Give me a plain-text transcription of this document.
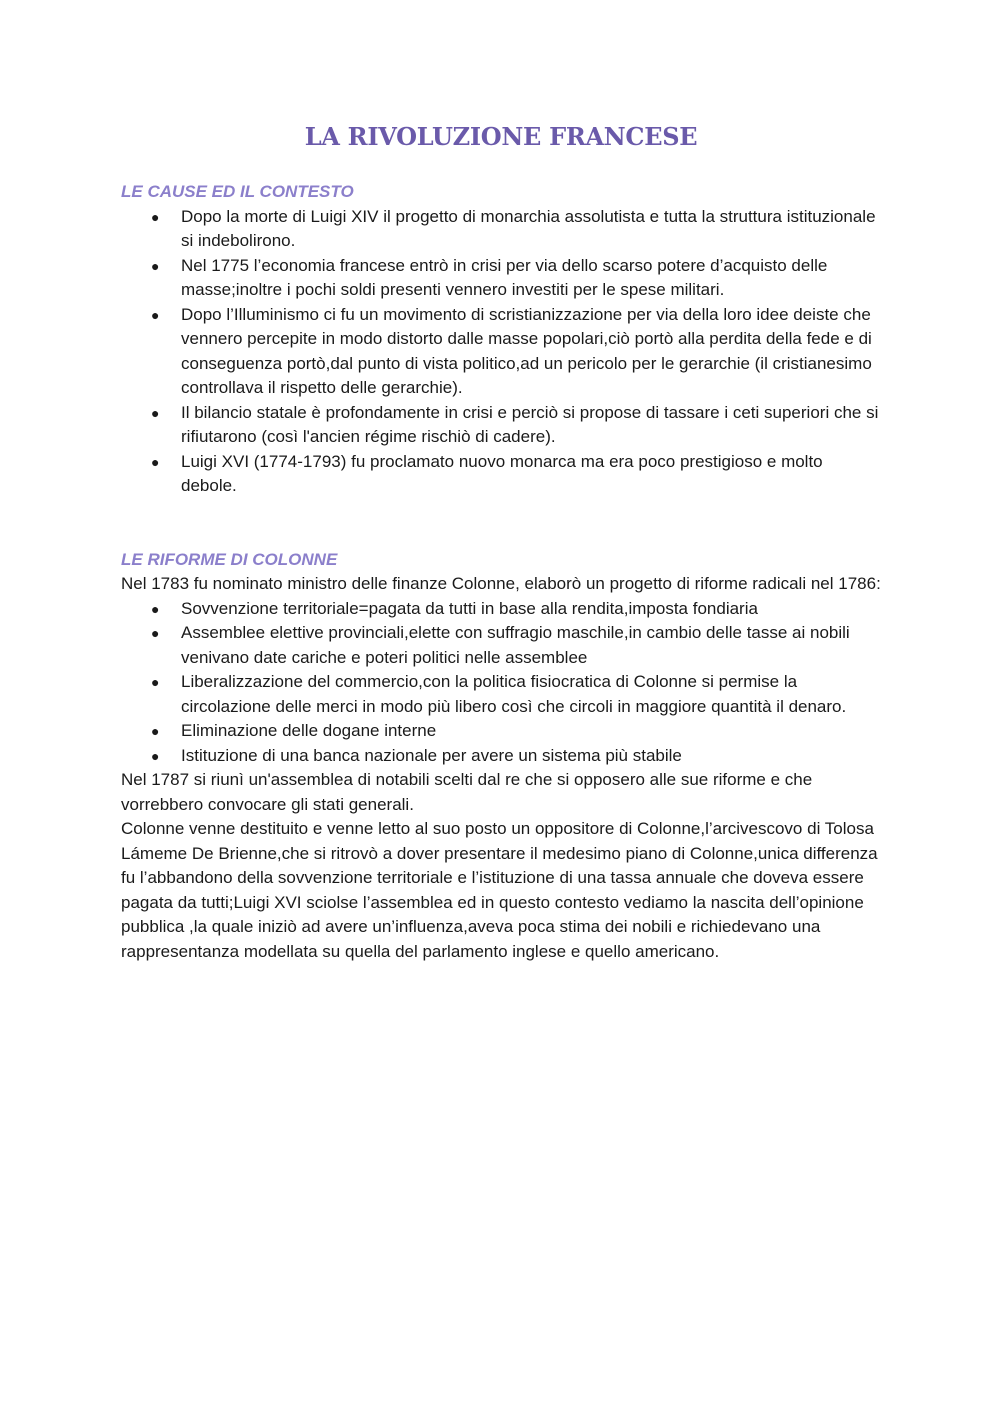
LA RIVOLUZIONE FRANCESE

LE CAUSE ED IL CONTESTO

● Dopo la morte di Luigi XIV il progetto di monarchia assolutista e tutta la struttura istituzionale si indebolirono.
● Nel 1775 l’economia francese entrò in crisi per via dello scarso potere d’acquisto delle masse;inoltre i pochi soldi presenti vennero investiti per le spese militari.
● Dopo l’Illuminismo ci fu un movimento di scristianizzazione per via della loro idee deiste che vennero percepite in modo distorto dalle masse popolari,ciò portò alla perdita della fede e di conseguenza portò,dal punto di vista politico,ad un pericolo per le gerarchie (il cristianesimo controllava il rispetto delle gerarchie).
● Il bilancio statale è profondamente in crisi e perciò si propose di tassare i ceti superiori che si rifiutarono (così l'ancien régime rischiò di cadere).
● Luigi XVI (1774-1793) fu proclamato nuovo monarca ma era poco prestigioso e molto debole.

LE RIFORME DI COLONNE

Nel 1783 fu nominato ministro delle finanze Colonne, elaborò un progetto di riforme radicali nel 1786:

● Sovvenzione territoriale=pagata da tutti in base alla rendita,imposta fondiaria
● Assemblee elettive provinciali,elette con suffragio maschile,in cambio delle tasse ai nobili venivano date cariche e poteri politici nelle assemblee
● Liberalizzazione del commercio,con la politica fisiocratica di Colonne si permise la circolazione delle merci in modo più libero così che circoli in maggiore quantità il denaro.
● Eliminazione delle dogane interne
● Istituzione di una banca nazionale per avere un sistema più stabile

Nel 1787 si riunì un'assemblea di notabili scelti dal re che si opposero alle sue riforme e che vorrebbero convocare gli stati generali.

Colonne venne destituito e venne letto al suo posto un oppositore di Colonne,l’arcivescovo di Tolosa Lámeme De Brienne,che si ritrovò a dover presentare il medesimo piano di Colonne,unica differenza fu l’abbandono della sovvenzione territoriale e l’istituzione di una tassa annuale che doveva essere pagata da tutti;Luigi XVI sciolse l’assemblea ed in questo contesto vediamo la nascita dell’opinione pubblica ,la quale iniziò ad avere un’influenza,aveva poca stima dei nobili e richiedevano una rappresentanza modellata su quella del parlamento inglese e quello americano.
